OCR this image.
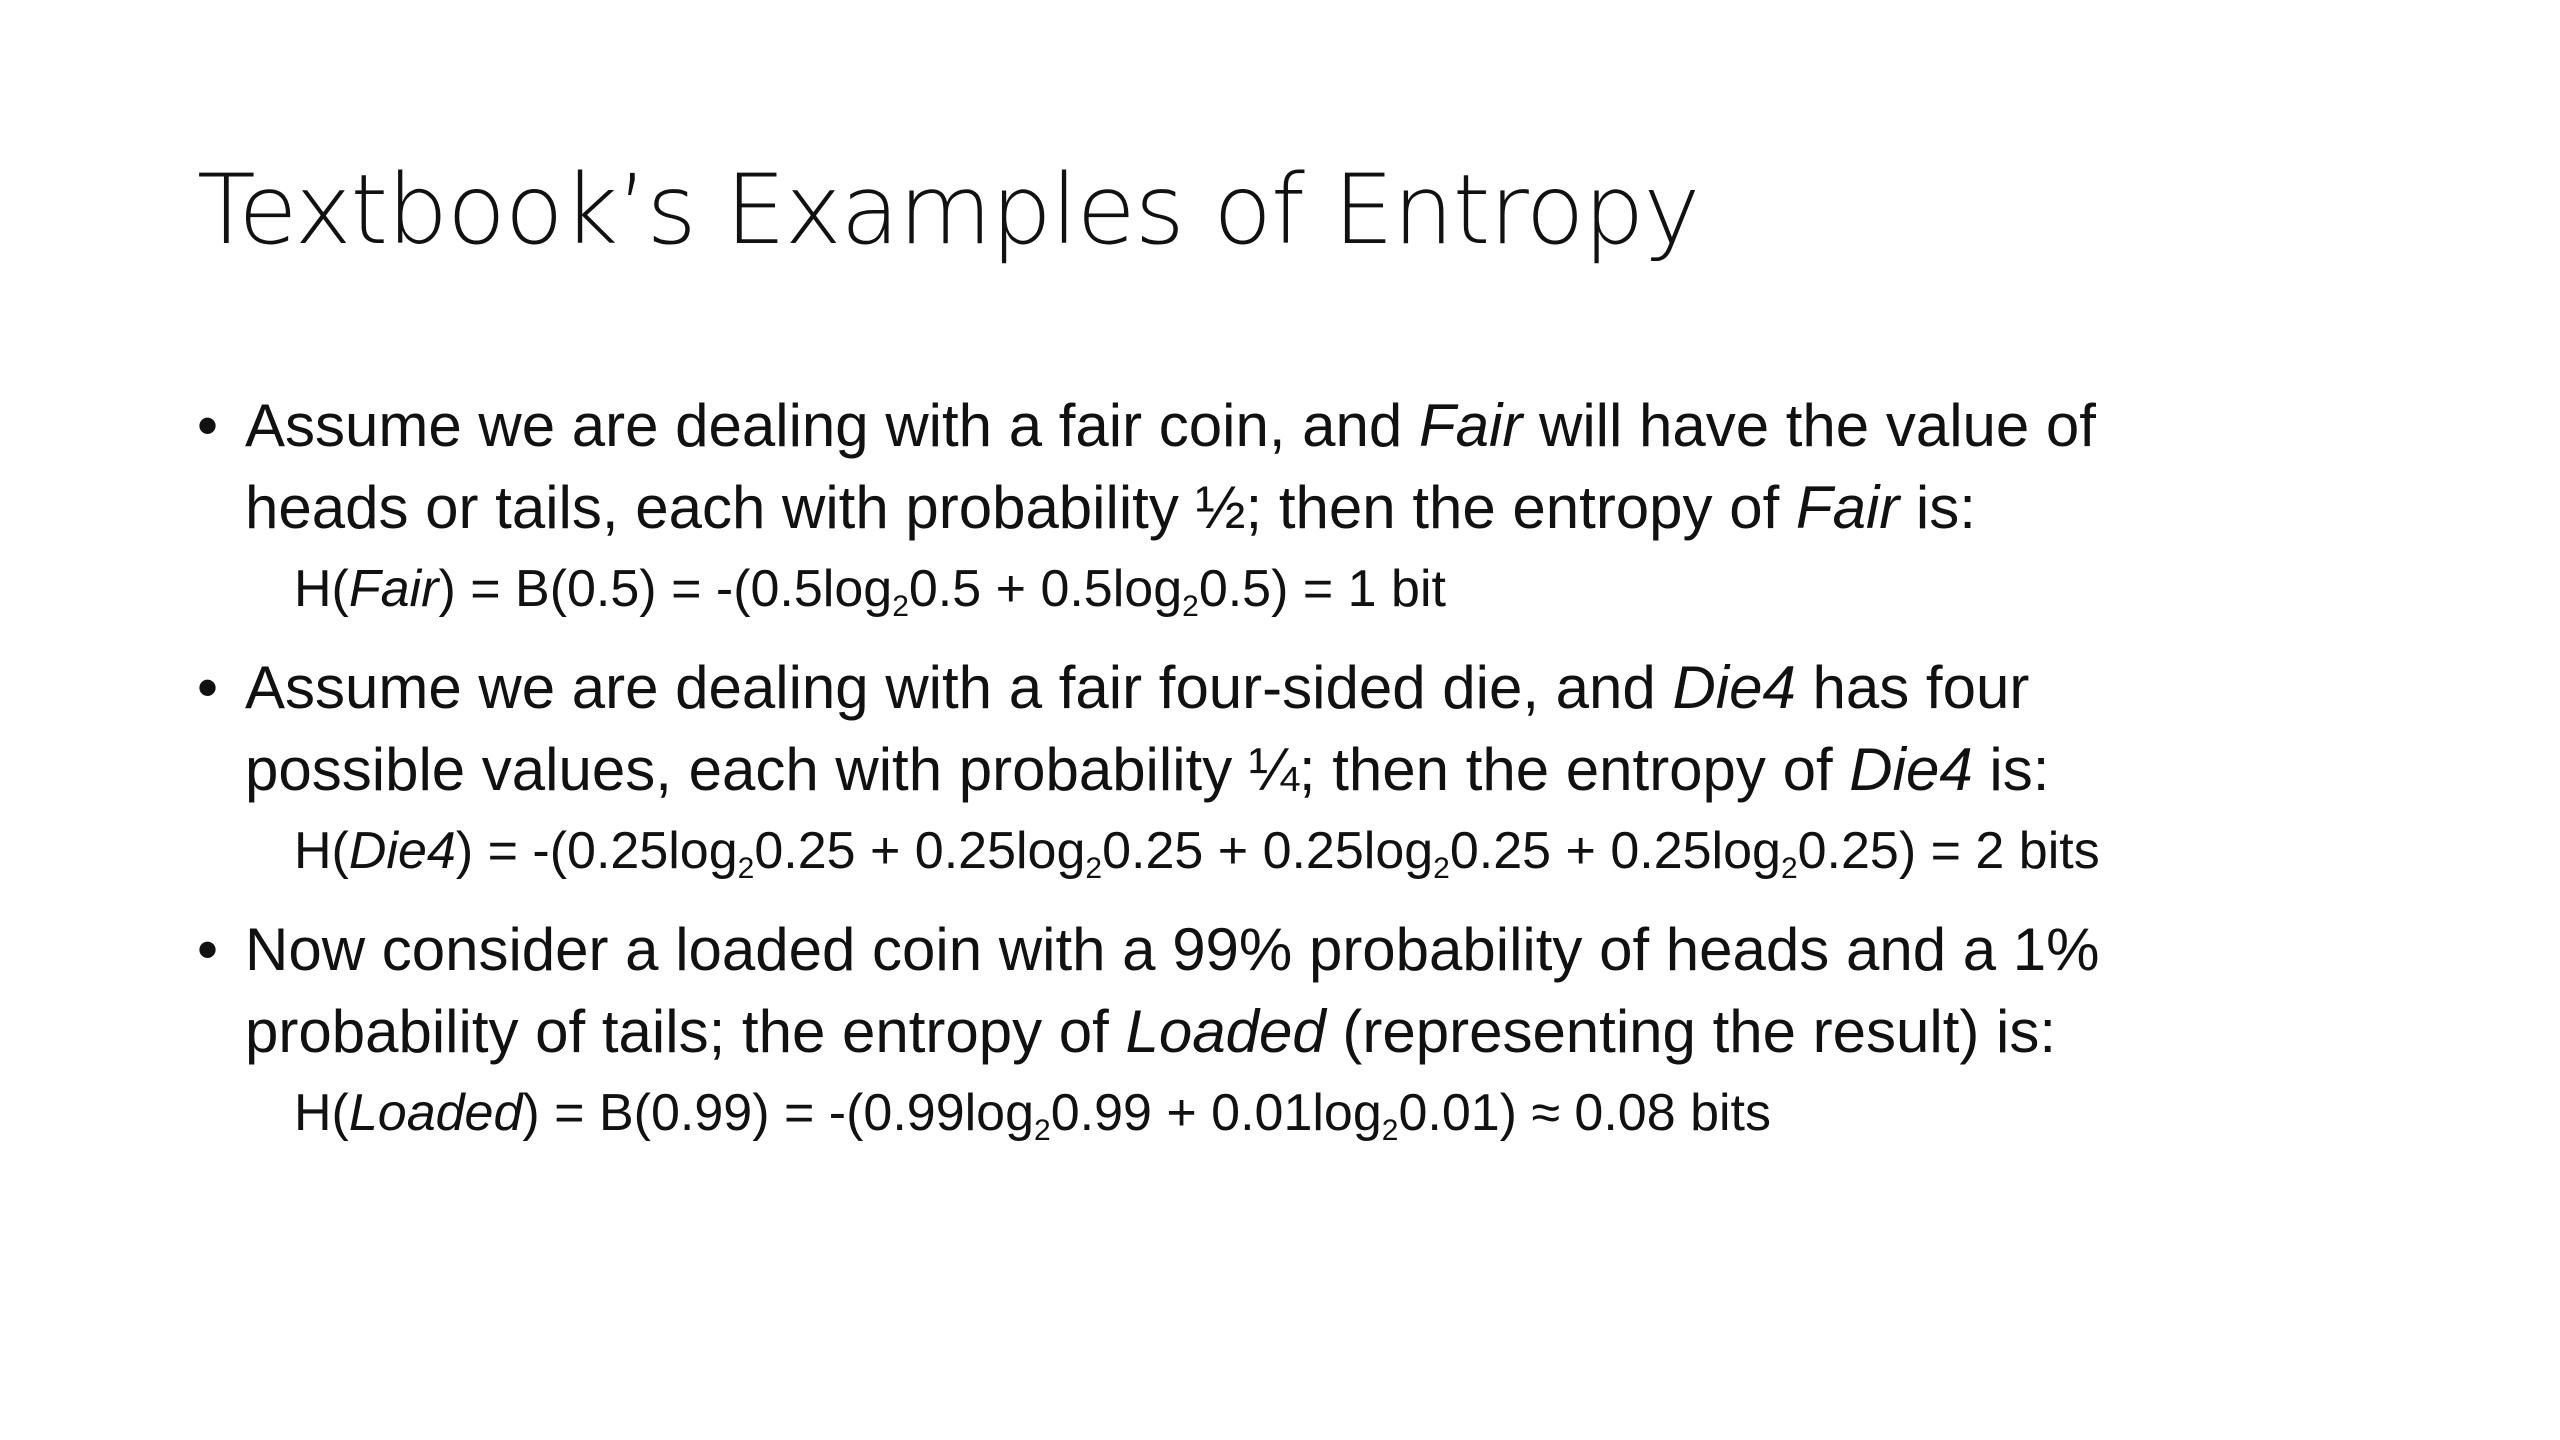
Textbook’s Examples of Entropy
• Assume we are dealing with a fair coin, and Fair will have the value of
heads or tails, each with probability ½; then the entropy of Fair is:
H(Fair) = $B(0.5) = -(0.5\log_20.5 + 0.5\log_20.5) = 1$ bit
• Assume we are dealing with a fair four-sided die, and Die4 has four
possible values, each with probability ¼; then the entropy of Die4 is:
$H(Die4) = -(0.25\log_20.25 + 0.25\log_20.25 + 0.25\log_20.25 + 0.25\log_20.25) = 2$ bits
• Now consider a loaded coin with a 99% probability of heads and a 1%
probability of tails; the entropy of Loaded (representing the result) is:
H(Loaded) = $B(0.99) = -(0.99\log_20.99 + 0.01\log_20.01) \approx 0.08$ bits
